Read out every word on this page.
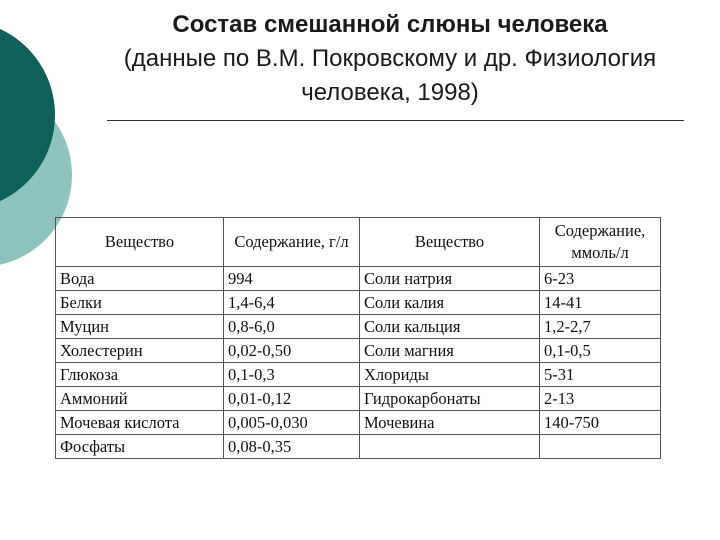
Состав смешанной слюны человека
(данные по В.М. Покровскому и др. Физиология
человека, 1998)
Вещество	Содержание, г/л	Вещество	Содержание, ммоль/л
Вода	994	Соли натрия	6-23
Белки	1,4-6,4	Соли калия	14-41
Муцин	0,8-6,0	Соли кальция	1,2-2,7
Холестерин	0,02-0,50	Соли магния	0,1-0,5
Глюкоза	0,1-0,3	Хлориды	5-31
Аммоний	0,01-0,12	Гидрокарбонаты	2-13
Мочевая кислота	0,005-0,030	Мочевина	140-750
Фосфаты	0,08-0,35		
